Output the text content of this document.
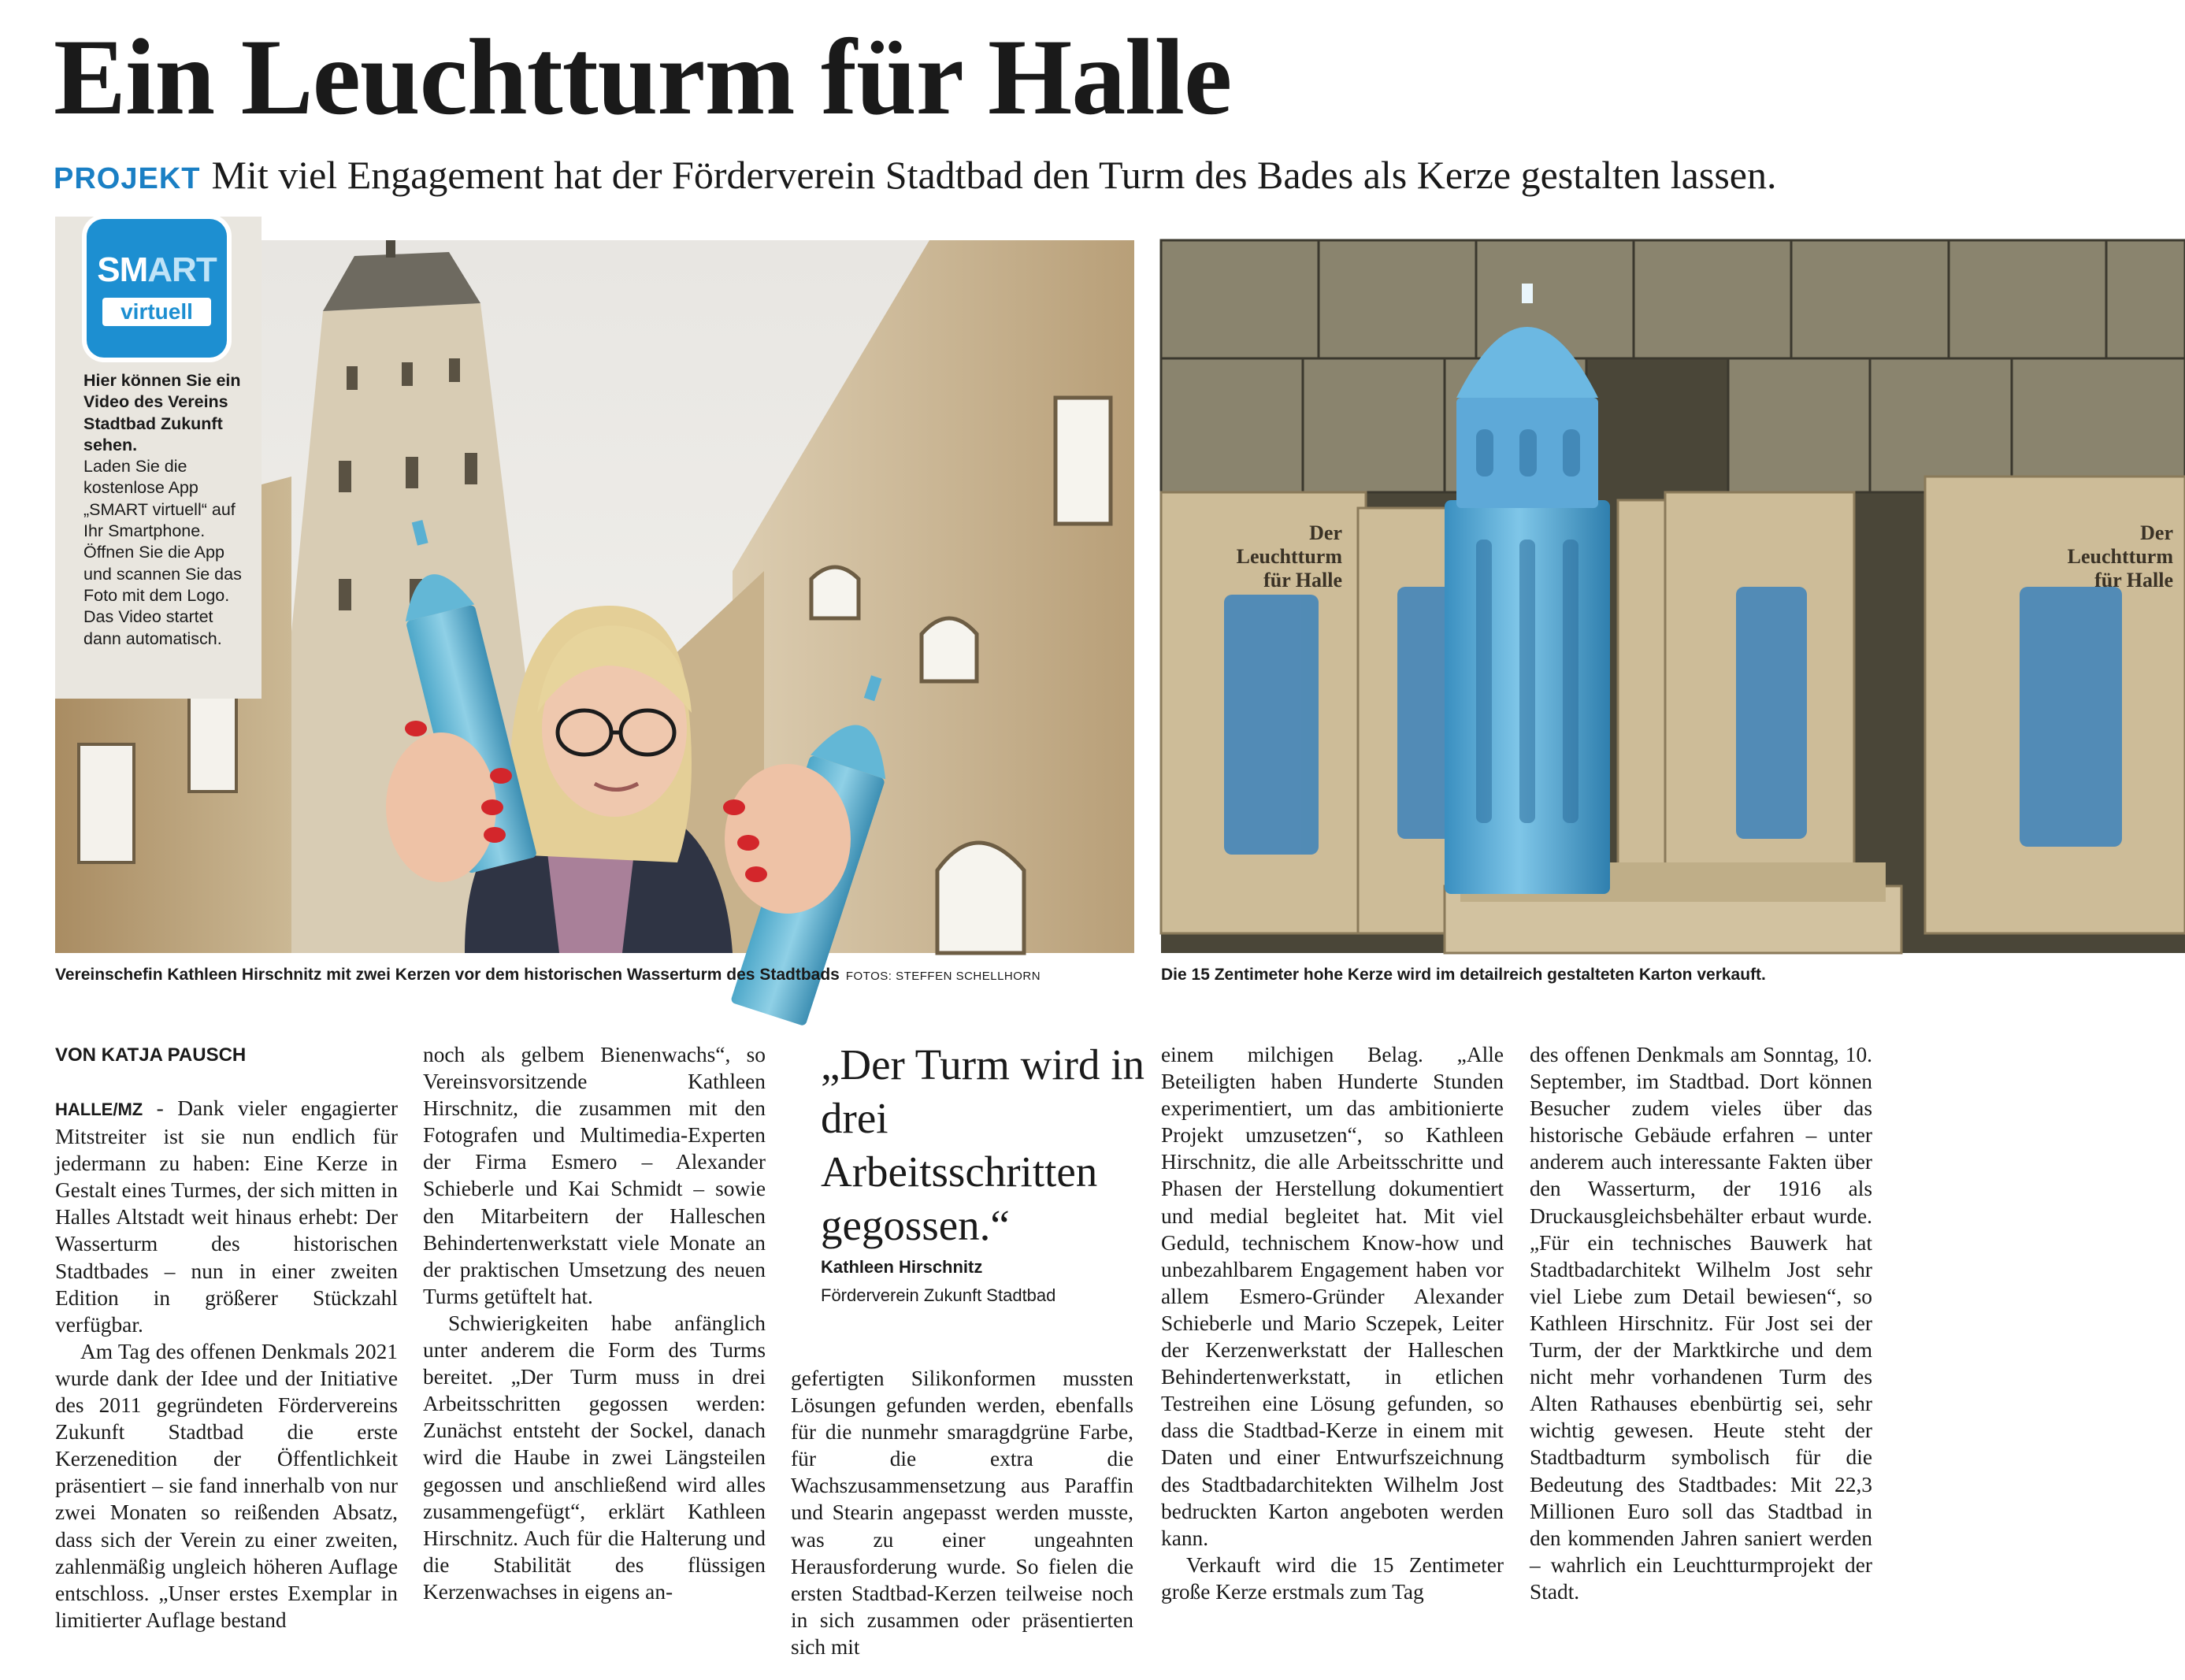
Ein Leuchtturm für Halle
PROJEKT Mit viel Engagement hat der Förderverein Stadtbad den Turm des Bades als Kerze gestalten lassen.
SMART
virtuell
Hier können Sie ein Video des Vereins Stadtbad Zukunft sehen.
Laden Sie die kostenlose App „SMART virtuell“ auf Ihr Smartphone. Öffnen Sie die App und scannen Sie das Foto mit dem Logo. Das Video startet dann automatisch.
Der
Leuchtturm
für Halle
Der
Leuchtturm
für Halle
Vereinschefin Kathleen Hirschnitz mit zwei Kerzen vor dem historischen Wasserturm des Stadtbads FOTOS: STEFFEN SCHELLHORN	Die 15 Zentimeter hohe Kerze wird im detailreich gestalteten Karton verkauft.
VON KATJA PAUSCH

HALLE/MZ - Dank vieler engagierter Mitstreiter ist sie nun endlich für jedermann zu haben: Eine Kerze in Gestalt eines Turmes, der sich mitten in Halles Altstadt weit hinaus erhebt: Der Wasserturm des historischen Stadtbades – nun in einer zweiten Edition in größerer Stückzahl verfügbar.

Am Tag des offenen Denkmals 2021 wurde dank der Idee und der Initiative des 2011 gegründeten Fördervereins Zukunft Stadtbad die erste Kerzenedition der Öffentlichkeit präsentiert – sie fand innerhalb von nur zwei Monaten so reißenden Absatz, dass sich der Verein zu einer zweiten, zahlenmäßig ungleich höheren Auflage entschloss. „Unser erstes Exemplar in limitierter Auflage bestand

noch als gelbem Bienenwachs“, so Vereinsvorsitzende Kathleen Hirschnitz, die zusammen mit den Fotografen und Multimedia-Experten der Firma Esmero – Alexander Schieberle und Kai Schmidt – sowie den Mitarbeitern der Halleschen Behindertenwerkstatt viele Monate an der praktischen Umsetzung des neuen Turms getüftelt hat.

Schwierigkeiten habe anfänglich unter anderem die Form des Turms bereitet. „Der Turm muss in drei Arbeitsschritten gegossen werden: Zunächst entsteht der Sockel, danach wird die Haube in zwei Längsteilen gegossen und anschließend wird alles zusammengefügt“, erklärt Kathleen Hirschnitz. Auch für die Halterung und die Stabilität des flüssigen Kerzenwachses in eigens an-

„Der Turm wird in drei Arbeitsschritten gegossen.“
Kathleen Hirschnitz
Förderverein Zukunft Stadtbad

gefertigten Silikonformen mussten Lösungen gefunden werden, ebenfalls für die nunmehr smaragdgrüne Farbe, für die extra die Wachszusammensetzung aus Paraffin und Stearin angepasst werden musste, was zu einer ungeahnten Herausforderung wurde. So fielen die ersten Stadtbad-Kerzen teilweise noch in sich zusammen oder präsentierten sich mit

einem milchigen Belag. „Alle Beteiligten haben Hunderte Stunden experimentiert, um das ambitionierte Projekt umzusetzen“, so Kathleen Hirschnitz, die alle Arbeitsschritte und Phasen der Herstellung dokumentiert und medial begleitet hat. Mit viel Geduld, technischem Know-how und unbezahlbarem Engagement haben vor allem Esmero-Gründer Alexander Schieberle und Mario Sczepek, Leiter der Kerzenwerkstatt der Halleschen Behindertenwerkstatt, in etlichen Testreihen eine Lösung gefunden, so dass die Stadtbad-Kerze in einem mit Daten und einer Entwurfszeichnung des Stadtbadarchitekten Wilhelm Jost bedruckten Karton angeboten werden kann.

Verkauft wird die 15 Zentimeter große Kerze erstmals zum Tag

des offenen Denkmals am Sonntag, 10. September, im Stadtbad. Dort können Besucher zudem vieles über das historische Gebäude erfahren – unter anderem auch interessante Fakten über den Wasserturm, der 1916 als Druckausgleichsbehälter erbaut wurde. „Für ein technisches Bauwerk hat Stadtbadarchitekt Wilhelm Jost sehr viel Liebe zum Detail bewiesen“, so Kathleen Hirschnitz. Für Jost sei der Turm, der der Marktkirche und dem nicht mehr vorhandenen Turm des Alten Rathauses ebenbürtig sei, sehr wichtig gewesen. Heute steht der Stadtbadturm symbolisch für die Bedeutung des Stadtbades: Mit 22,3 Millionen Euro soll das Stadtbad in den kommenden Jahren saniert werden – wahrlich ein Leuchtturmprojekt der Stadt.
